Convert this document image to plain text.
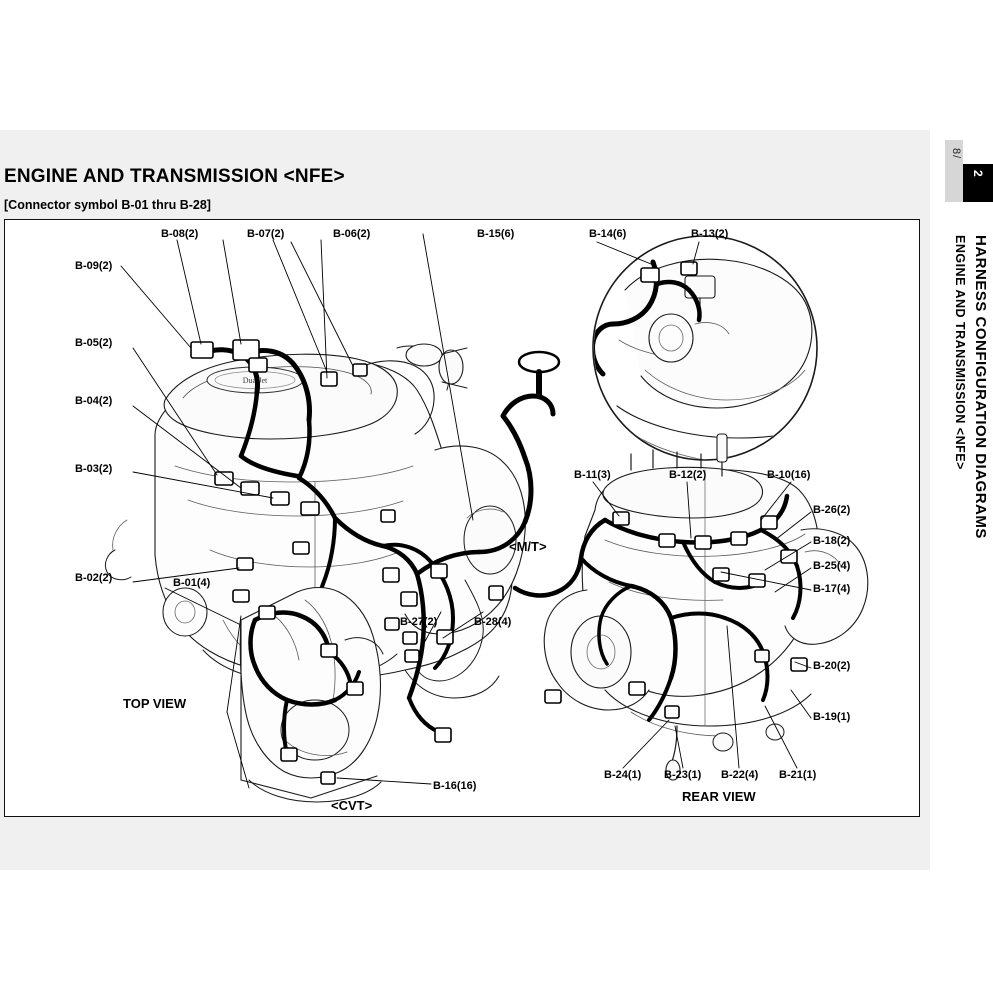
8/
2
HARNESS CONFIGURATION DIAGRAMS
ENGINE AND TRANSMISSION <NFE>
ENGINE AND TRANSMISSION <NFE>
[Connector symbol B-01 thru B-28]
DualJet
B-09(2)
B-05(2)
B-04(2)
B-03(2)
B-02(2)	B-01(4)
B-08(2)	B-07(2)	B-06(2)	B-15(6)	B-14(6)	B-13(2)
B-27(2)	B-28(4)
B-16(16)
B-11(3)	B-12(2)	B-10(16)
B-26(2)
B-18(2)
B-25(4)
B-17(4)
B-20(2)
B-19(1)
B-24(1) B-23(1) B-22(4) B-21(1)
TOP VIEW
<M/T>
<CVT>
REAR VIEW
